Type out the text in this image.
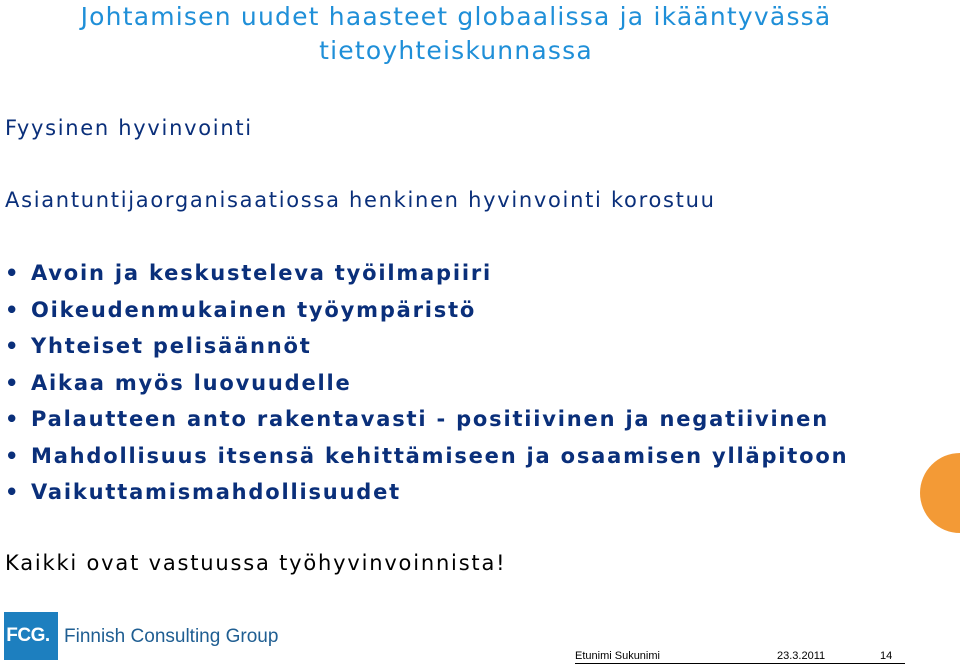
Johtamisen uudet haasteet globaalissa ja ikääntyvässä
tietoyhteiskunnassa
Fyysinen hyvinvointi
Asiantuntijaorganisaatiossa henkinen hyvinvointi korostuu
• Avoin ja keskusteleva työilmapiiri
• Oikeudenmukainen työympäristö
• Yhteiset pelisäännöt
• Aikaa myös luovuudelle
• Palautteen anto rakentavasti - positiivinen ja negatiivinen
• Mahdollisuus itsensä kehittämiseen ja osaamisen ylläpitoon
• Vaikuttamismahdollisuudet
Kaikki ovat vastuussa työhyvinvoinnista!
FCG. Finnish Consulting Group
Etunimi Sukunimi	23.3.2011	14
